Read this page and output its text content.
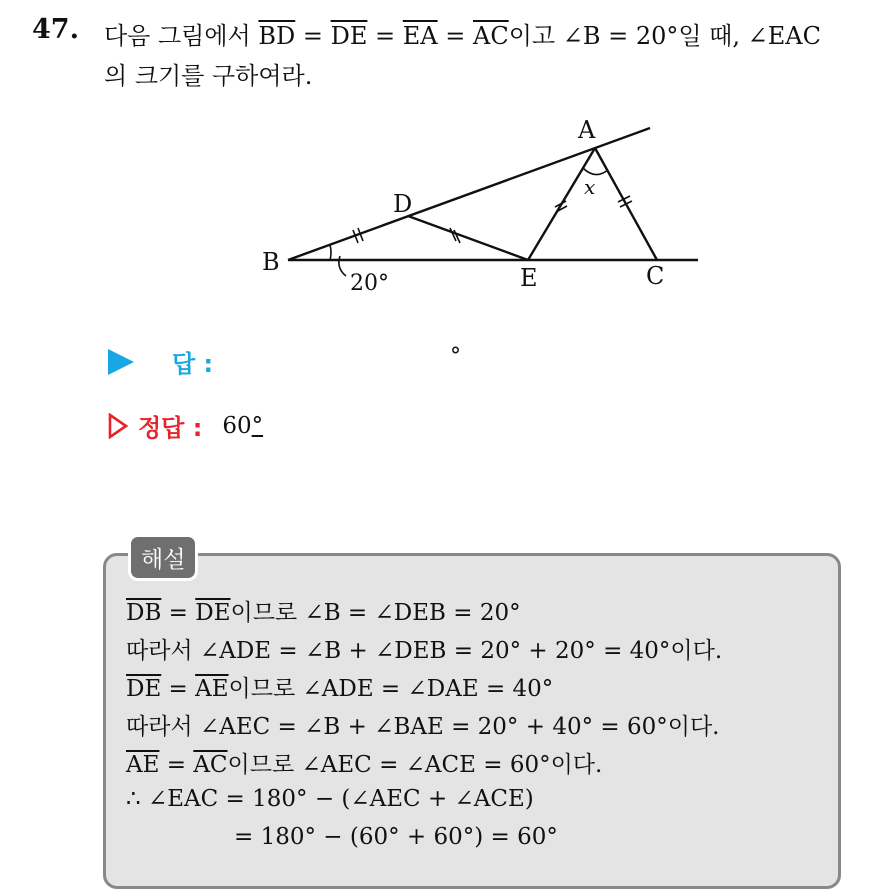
47. 다음 그림에서 $\overline{BD} = \overline{DE} = \overline{EA} = \overline{AC}$이고 ∠B = 20°일 때, ∠EAC
의 크기를 구하여라.
A
B	C
D
E
20°
x
답 :	°
정답 : 60°
해설
$\overline{DB} = \overline{DE}$이므로 ∠B = ∠DEB = 20°
따라서 ∠ADE = ∠B + ∠DEB = 20° + 20° = 40°이다.
$\overline{DE} = \overline{AE}$이므로 ∠ADE = ∠DAE = 40°
따라서 ∠AEC = ∠B + ∠BAE = 20° + 40° = 60°이다.
$\overline{AE} = \overline{AC}$이므로 ∠AEC = ∠ACE = 60°이다.
∴ ∠EAC = 180° − (∠AEC + ∠ACE)
= 180° − (60° + 60°) = 60°
